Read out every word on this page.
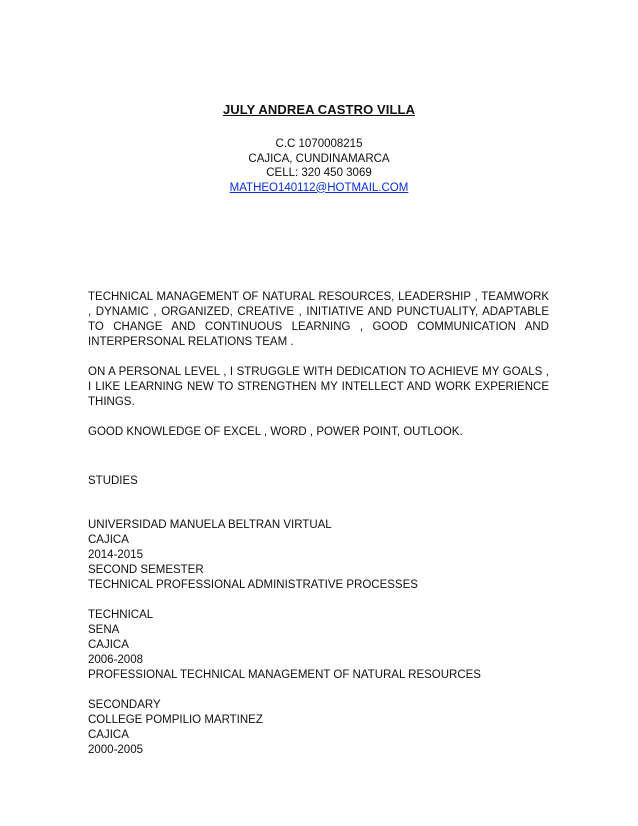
JULY ANDREA CASTRO VILLA
C.C 1070008215
CAJICA, CUNDINAMARCA
CELL: 320 450 3069
MATHEO140112@HOTMAIL.COM

TECHNICAL MANAGEMENT OF NATURAL RESOURCES, LEADERSHIP , TEAMWORK , DYNAMIC , ORGANIZED, CREATIVE , INITIATIVE AND PUNCTUALITY, ADAPTABLE TO CHANGE AND CONTINUOUS LEARNING , GOOD COMMUNICATION AND INTERPERSONAL RELATIONS TEAM .

ON A PERSONAL LEVEL , I STRUGGLE WITH DEDICATION TO ACHIEVE MY GOALS , I LIKE LEARNING NEW TO STRENGTHEN MY INTELLECT AND WORK EXPERIENCE THINGS.

GOOD KNOWLEDGE OF EXCEL , WORD , POWER POINT, OUTLOOK.

STUDIES
UNIVERSIDAD MANUELA BELTRAN VIRTUAL
CAJICA
2014-2015
SECOND SEMESTER
TECHNICAL PROFESSIONAL ADMINISTRATIVE PROCESSES
TECHNICAL
SENA
CAJICA
2006-2008
PROFESSIONAL TECHNICAL MANAGEMENT OF NATURAL RESOURCES
SECONDARY
COLLEGE POMPILIO MARTINEZ
CAJICA
2000-2005
